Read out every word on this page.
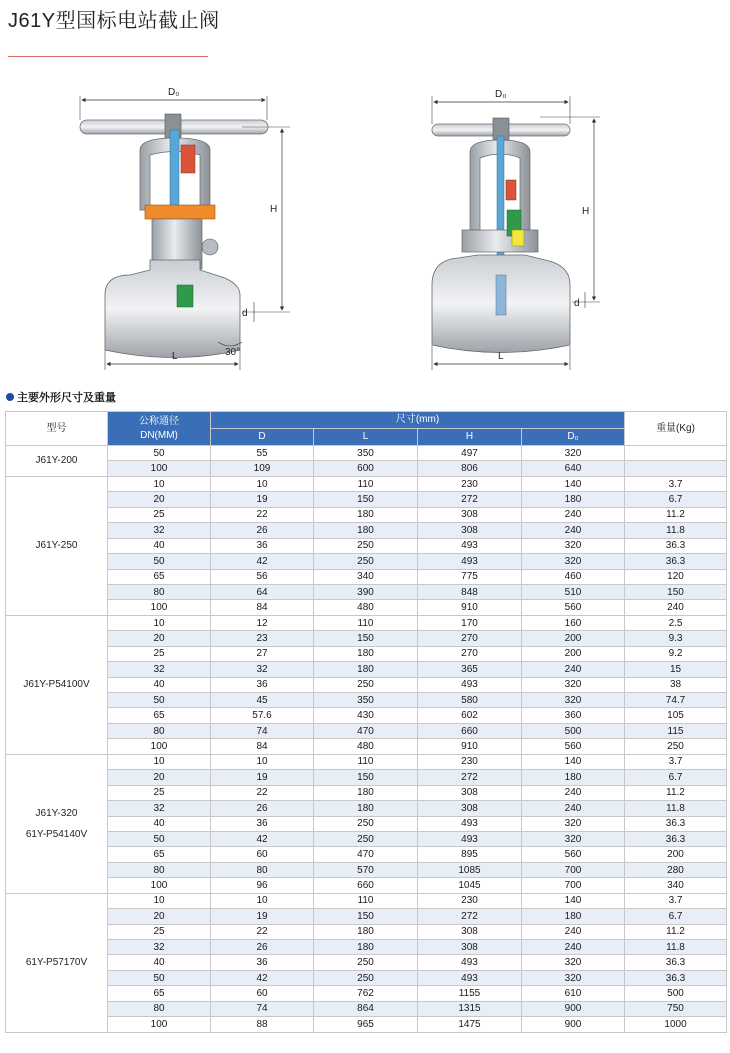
J61Y型国标电站截止阀
D₀
H
d
L	30°
D₀
H
d
L
主要外形尺寸及重量
型号	公称通径
DN(MM)	尺寸(mm)				重量(Kg)
		D	L	H	D₀	

J61Y-200	50	55	350	497	320	
	100	109	600	806	640	

J61Y-250	10	10	110	230	140	3.7
	20	19	150	272	180	6.7
	25	22	180	308	240	11.2
	32	26	180	308	240	11.8
	40	36	250	493	320	36.3
	50	42	250	493	320	36.3
	65	56	340	775	460	120
	80	64	390	848	510	150
	100	84	480	910	560	240

J61Y-P54100V	10	12	110	170	160	2.5
	20	23	150	270	200	9.3
	25	27	180	270	200	9.2
	32	32	180	365	240	15
	40	36	250	493	320	38
	50	45	350	580	320	74.7
	65	57.6	430	602	360	105
	80	74	470	660	500	115
	100	84	480	910	560	250

J61Y-320
61Y-P54140V	10	10	110	230	140	3.7
	20	19	150	272	180	6.7
	25	22	180	308	240	11.2
	32	26	180	308	240	11.8
	40	36	250	493	320	36.3
	50	42	250	493	320	36.3
	65	60	470	895	560	200
	80	80	570	1085	700	280
	100	96	660	1045	700	340

61Y-P57170V	10	10	110	230	140	3.7
	20	19	150	272	180	6.7
	25	22	180	308	240	11.2
	32	26	180	308	240	11.8
	40	36	250	493	320	36.3
	50	42	250	493	320	36.3
	65	60	762	1155	610	500
	80	74	864	1315	900	750
	100	88	965	1475	900	1000
